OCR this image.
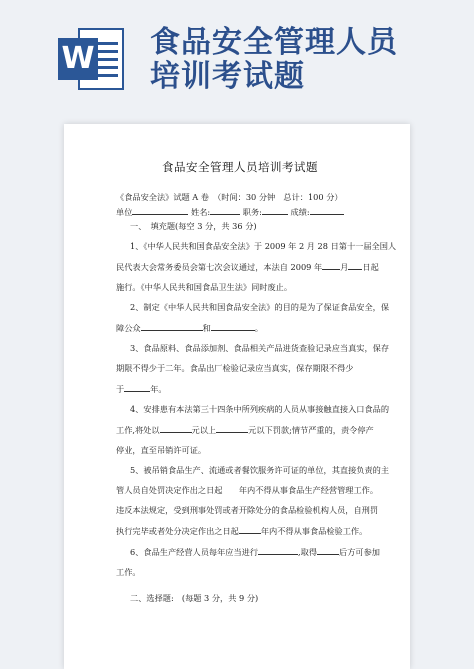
W 食品安全管理人员
培训考试题
食品安全管理人员培训考试题

《食品安全法》试题 A 卷　（时间：30 分钟　总计：100 分）

单位	姓名:	职务:	成绩:

一、　填充题(每空 3 分，共 36 分)

1、《中华人民共和国食品安全法》于 2009 年 2 月 28 日第十一届全国人

民代表大会常务委员会第七次会议通过，本法自 2009 年 月 日起

施行。《中华人民共和国食品卫生法》同时废止。

2、制定《中华人民共和国食品安全法》的目的是为了保证食品安全，保

障公众	和	。

3、食品原料、食品添加剂、食品相关产品进货查验记录应当真实，保存

期限不得少于二年。食品出厂检验记录应当真实，保存期限不得少

于	年。

4、安排患有本法第三十四条中所列疾病的人员从事接触直接入口食品的

工作,将处以	元以上	元以下罚款;情节严重的，责令停产

停业，直至吊销许可证。

5、被吊销食品生产、流通或者餐饮服务许可证的单位，其直接负责的主

管人员自处罚决定作出之日起　　年内不得从事食品生产经营管理工作。

违反本法规定，受到刑事处罚或者开除处分的食品检验机构人员，自刑罚

执行完毕或者处分决定作出之日起	年内不得从事食品检验工作。

6、食品生产经营人员每年应当进行	,取得	后方可参加

工作。

二、选择题:　(每题 3 分，共 9 分)
